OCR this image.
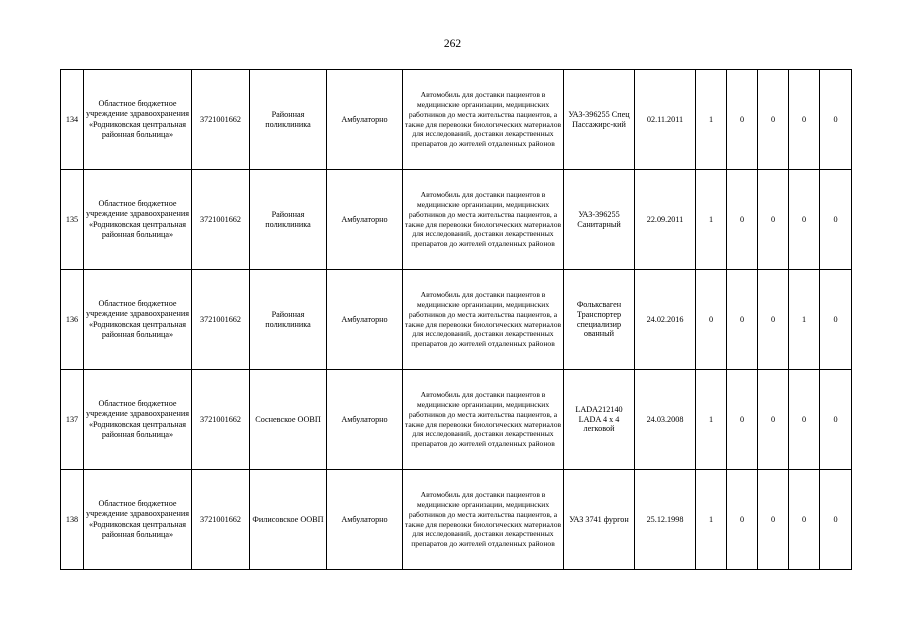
262
134	Областное бюджетное учреждение здравоохранения «Родниковская центральная районная больница»	3721001662	Районная поликлиника	Амбулаторно	Автомобиль для доставки пациентов в медицинские организации, медицинских работников до места жительства пациентов, а также для перевозки биологических материалов для исследований, доставки лекарственных препаратов до жителей отдаленных районов	УАЗ-396255 Спец Пассажирс-кий	02.11.2011	1	0	0	0	0
135	Областное бюджетное учреждение здравоохранения «Родниковская центральная районная больница»	3721001662	Районная поликлиника	Амбулаторно	Автомобиль для доставки пациентов в медицинские организации, медицинских работников до места жительства пациентов, а также для перевозки биологических материалов для исследований, доставки лекарственных препаратов до жителей отдаленных районов	УАЗ-396255 Санитарный	22.09.2011	1	0	0	0	0
136	Областное бюджетное учреждение здравоохранения «Родниковская центральная районная больница»	3721001662	Районная поликлиника	Амбулаторно	Автомобиль для доставки пациентов в медицинские организации, медицинских работников до места жительства пациентов, а также для перевозки биологических материалов для исследований, доставки лекарственных препаратов до жителей отдаленных районов	Фольксваген Транспортер специализир ованный	24.02.2016	0	0	0	1	0
137	Областное бюджетное учреждение здравоохранения «Родниковская центральная районная больница»	3721001662	Сосневское ООВП	Амбулаторно	Автомобиль для доставки пациентов в медицинские организации, медицинских работников до места жительства пациентов, а также для перевозки биологических материалов для исследований, доставки лекарственных препаратов до жителей отдаленных районов	LADA212140 LADA 4 x 4 легковой	24.03.2008	1	0	0	0	0
138	Областное бюджетное учреждение здравоохранения «Родниковская центральная районная больница»	3721001662	Филисовское ООВП	Амбулаторно	Автомобиль для доставки пациентов в медицинские организации, медицинских работников до места жительства пациентов, а также для перевозки биологических материалов для исследований, доставки лекарственных препаратов до жителей отдаленных районов	УАЗ 3741 фургон	25.12.1998	1	0	0	0	0
